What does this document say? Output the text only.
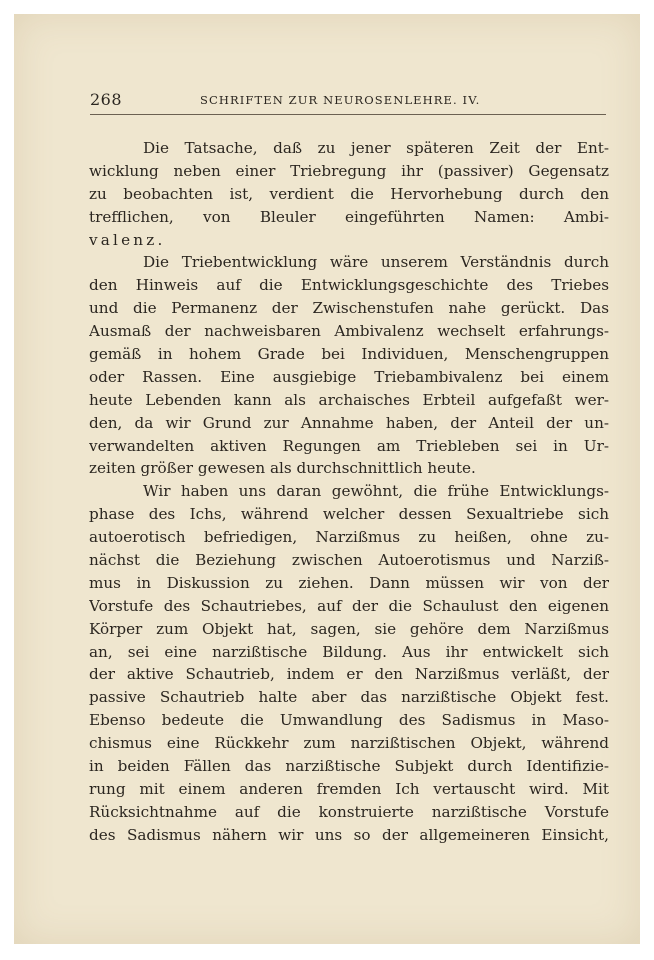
268	SCHRIFTEN ZUR NEUROSENLEHRE. IV.
Die Tatsache, daß zu jener späteren Zeit der Ent-
wicklung neben einer Triebregung ihr (passiver) Gegensatz
zu beobachten ist, verdient die Hervorhebung durch den
trefflichen, von Bleuler eingeführten Namen: Ambi-
valenz.
Die Triebentwicklung wäre unserem Verständnis durch
den Hinweis auf die Entwicklungsgeschichte des Triebes
und die Permanenz der Zwischenstufen nahe gerückt. Das
Ausmaß der nachweisbaren Ambivalenz wechselt erfahrungs-
gemäß in hohem Grade bei Individuen, Menschengruppen
oder Rassen. Eine ausgiebige Triebambivalenz bei einem
heute Lebenden kann als archaisches Erbteil aufgefaßt wer-
den, da wir Grund zur Annahme haben, der Anteil der un-
verwandelten aktiven Regungen am Triebleben sei in Ur-
zeiten größer gewesen als durchschnittlich heute.
Wir haben uns daran gewöhnt, die frühe Entwicklungs-
phase des Ichs, während welcher dessen Sexualtriebe sich
autoerotisch befriedigen, Narzißmus zu heißen, ohne zu-
nächst die Beziehung zwischen Autoerotismus und Narziß-
mus in Diskussion zu ziehen. Dann müssen wir von der
Vorstufe des Schautriebes, auf der die Schaulust den eigenen
Körper zum Objekt hat, sagen, sie gehöre dem Narzißmus
an, sei eine narzißtische Bildung. Aus ihr entwickelt sich
der aktive Schautrieb, indem er den Narzißmus verläßt, der
passive Schautrieb halte aber das narzißtische Objekt fest.
Ebenso bedeute die Umwandlung des Sadismus in Maso-
chismus eine Rückkehr zum narzißtischen Objekt, während
in beiden Fällen das narzißtische Subjekt durch Identifizie-
rung mit einem anderen fremden Ich vertauscht wird. Mit
Rücksichtnahme auf die konstruierte narzißtische Vorstufe
des Sadismus nähern wir uns so der allgemeineren Einsicht,
